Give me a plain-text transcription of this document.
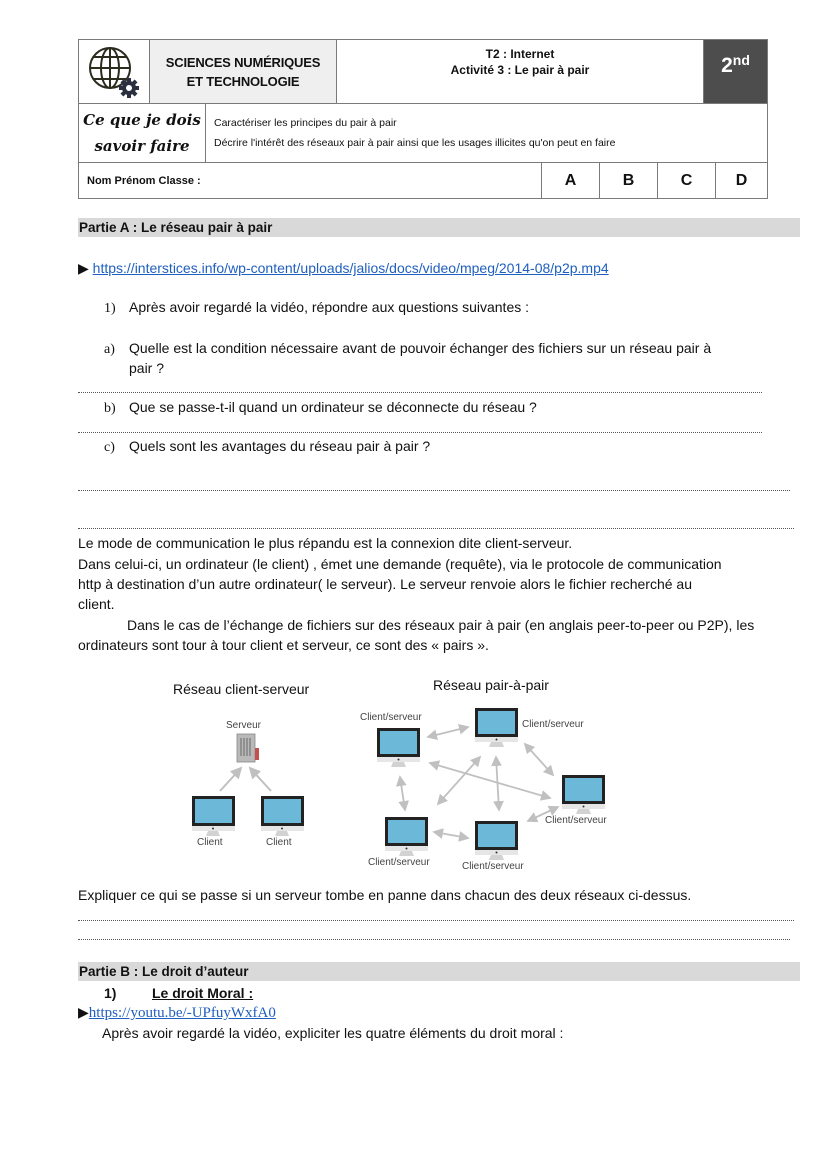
SCIENCES NUMÉRIQUES
ET TECHNOLOGIE
T2 : Internet
Activité 3 : Le pair à pair	2nd
Ce que je dois
savoir faire
Caractériser les principes du pair à pair
Décrire l'intérêt des réseaux pair à pair ainsi que les usages illicites qu'on peut en faire
Nom Prénom Classe :	A	B	C	D
Partie A : Le réseau pair à pair
▶ https://interstices.info/wp-content/uploads/jalios/docs/video/mpeg/2014-08/p2p.mp4
1) Après avoir regardé la vidéo, répondre aux questions suivantes :
a) Quelle est la condition nécessaire avant de pouvoir échanger des fichiers sur un réseau pair à
pair ?
b) Que se passe-t-il quand un ordinateur se déconnecte du réseau ?
c) Quels sont les avantages du réseau pair à pair ?
Le mode de communication le plus répandu est la connexion dite client-serveur.
Dans celui-ci, un ordinateur (le client) , émet une demande (requête), via le protocole de communication
http à destination d’un autre ordinateur( le serveur). Le serveur renvoie alors le fichier recherché au
client.
Dans le cas de l’échange de fichiers sur des réseaux pair à pair (en anglais peer-to-peer ou P2P), les
ordinateurs sont tour à tour client et serveur, ce sont des « pairs ».
Réseau client-serveur
Serveur
Client	Client
Réseau pair-à-pair
Client/serveur
Client/serveur
Client/serveur
Client/serveur	Client/serveur
Expliquer ce qui se passe si un serveur tombe en panne dans chacun des deux réseaux ci-dessus.
Partie B : Le droit d’auteur
1)	Le droit Moral :
▶https://youtu.be/-UPfuyWxfA0
Après avoir regardé la vidéo, expliciter les quatre éléments du droit moral :
